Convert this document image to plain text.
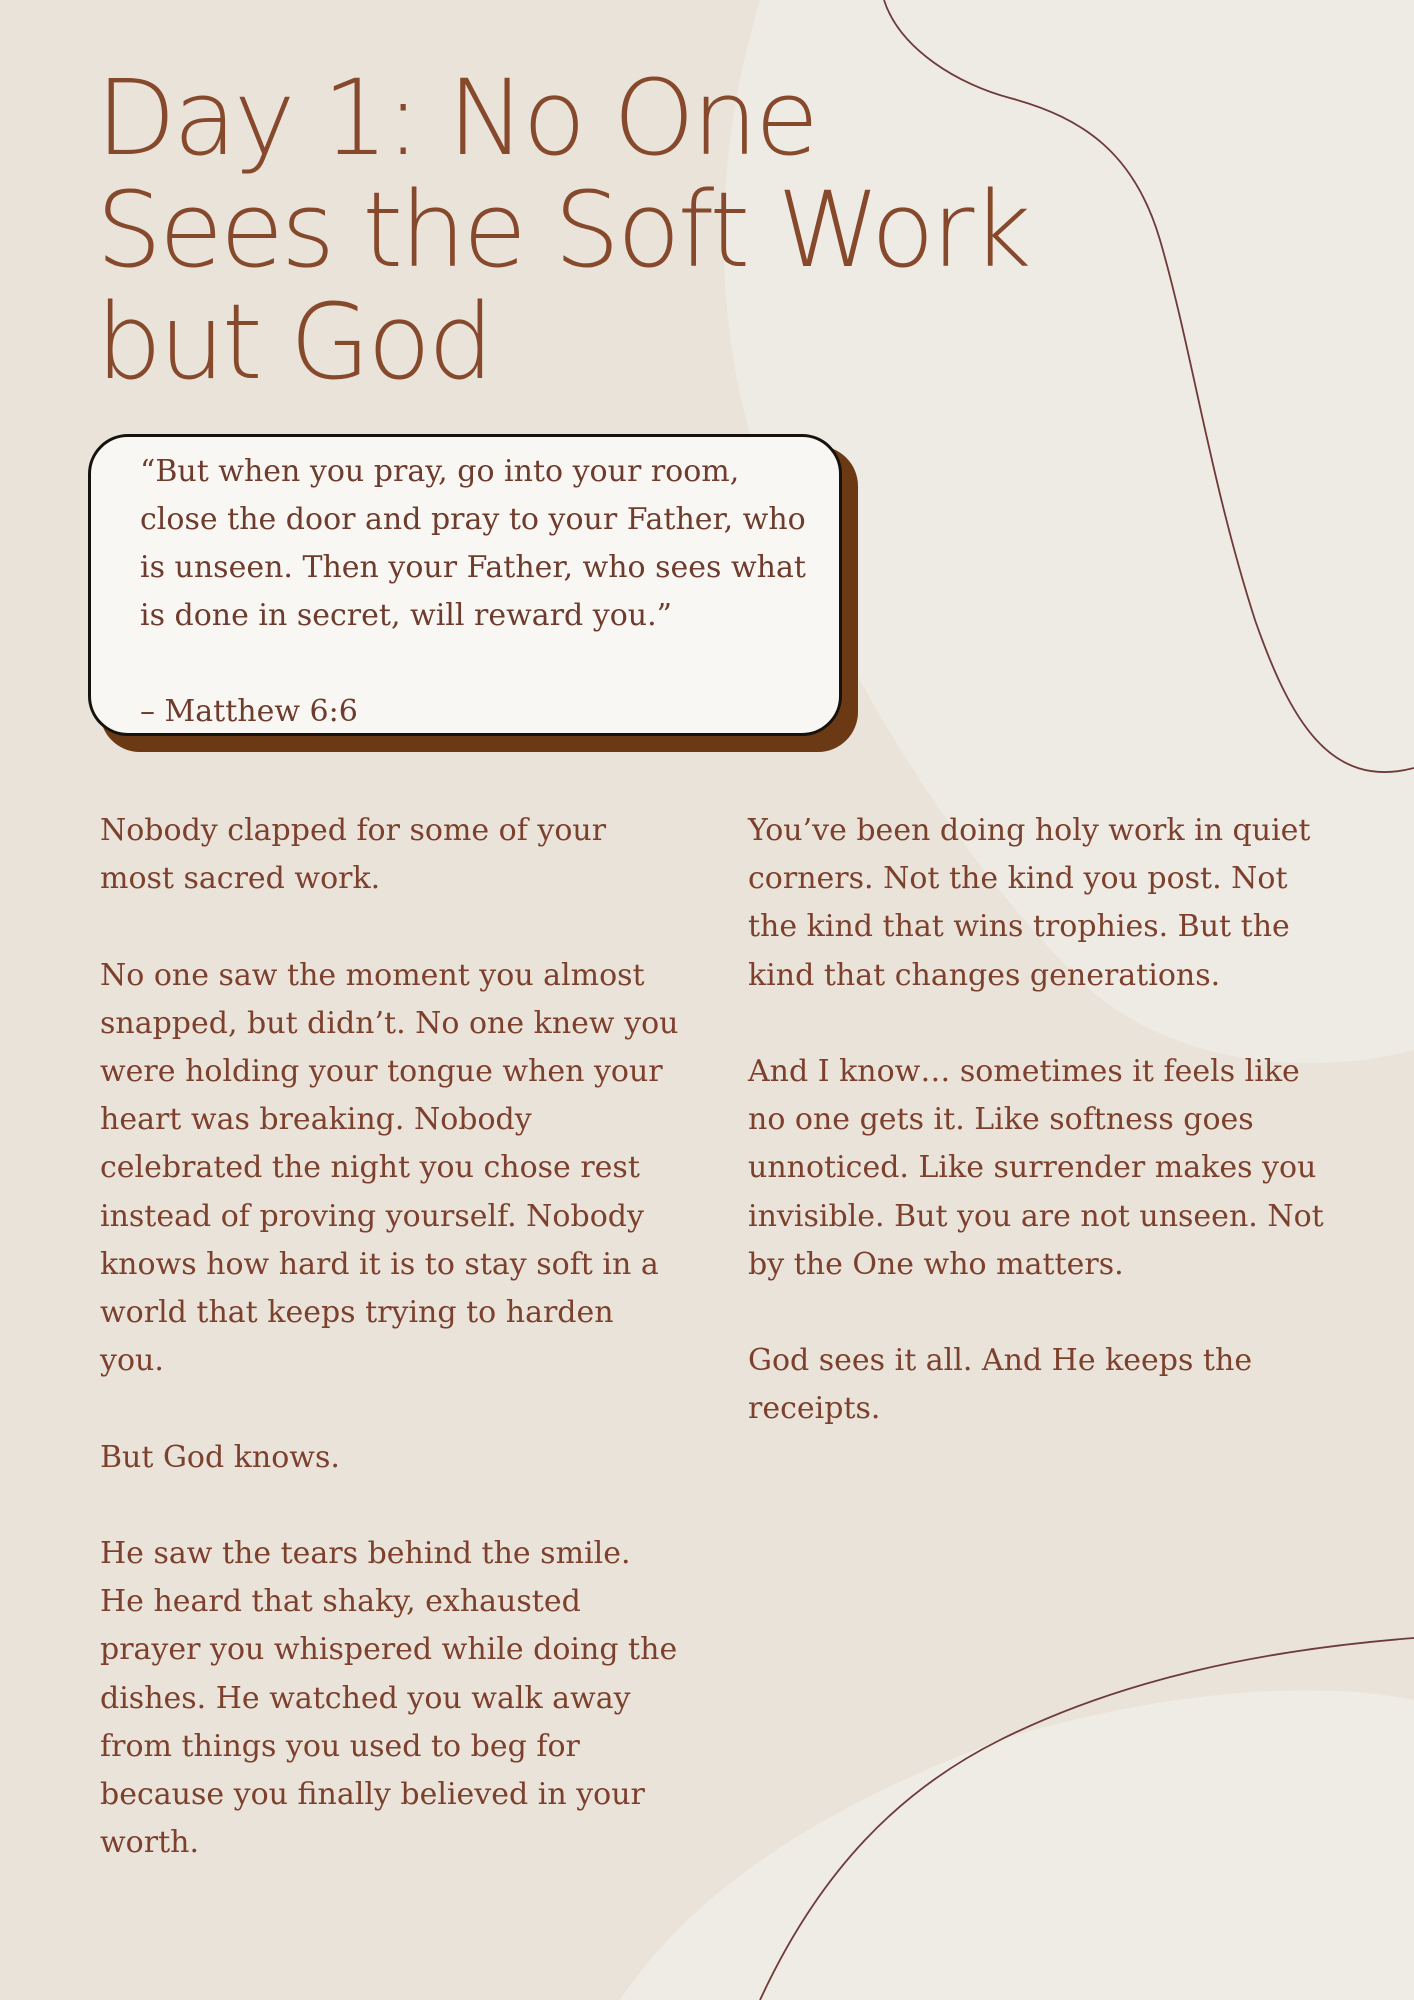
Day 1: No One Sees the Soft Work but God

“But when you pray, go into your room, close the door and pray to your Father, who is unseen. Then your Father, who sees what is done in secret, will reward you.”

– Matthew 6:6

Nobody clapped for some of your most sacred work.

No one saw the moment you almost snapped, but didn’t. No one knew you were holding your tongue when your heart was breaking. Nobody celebrated the night you chose rest instead of proving yourself. Nobody knows how hard it is to stay soft in a world that keeps trying to harden you.

But God knows.

He saw the tears behind the smile. He heard that shaky, exhausted prayer you whispered while doing the dishes. He watched you walk away from things you used to beg for because you finally believed in your worth.

You’ve been doing holy work in quiet corners. Not the kind you post. Not the kind that wins trophies. But the kind that changes generations.

And I know… sometimes it feels like no one gets it. Like softness goes unnoticed. Like surrender makes you invisible. But you are not unseen. Not by the One who matters.

God sees it all. And He keeps the receipts.
